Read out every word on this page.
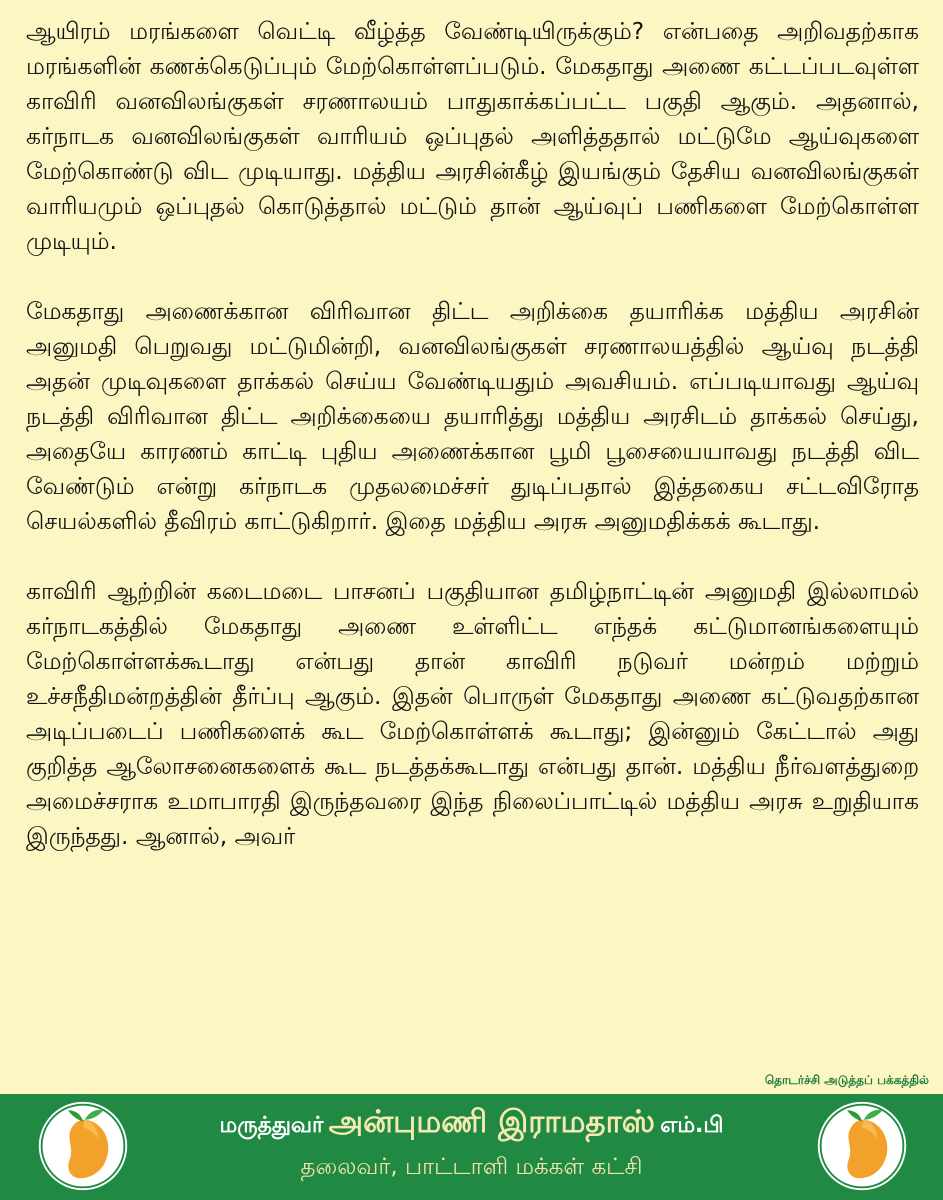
ஆயிரம் மரங்களை வெட்டி வீழ்த்த வேண்டியிருக்கும்? என்பதை அறிவதற்காக மரங்களின் கணக்கெடுப்பும் மேற்கொள்ளப்படும். மேகதாது அணை கட்டப்படவுள்ள காவிரி வனவிலங்குகள் சரணாலயம் பாதுகாக்கப்பட்ட பகுதி ஆகும். அதனால், கர்நாடக வனவிலங்குகள் வாரியம் ஒப்புதல் அளித்ததால் மட்டுமே ஆய்வுகளை மேற்கொண்டு விட முடியாது. மத்திய அரசின்கீழ் இயங்கும் தேசிய வனவிலங்குகள் வாரியமும் ஒப்புதல் கொடுத்தால் மட்டும் தான் ஆய்வுப் பணிகளை மேற்கொள்ள முடியும்.

மேகதாது அணைக்கான விரிவான திட்ட அறிக்கை தயாரிக்க மத்திய அரசின் அனுமதி பெறுவது மட்டுமின்றி, வனவிலங்குகள் சரணாலயத்தில் ஆய்வு நடத்தி அதன் முடிவுகளை தாக்கல் செய்ய வேண்டியதும் அவசியம். எப்படியாவது ஆய்வு நடத்தி விரிவான திட்ட அறிக்கையை தயாரித்து மத்திய அரசிடம் தாக்கல் செய்து, அதையே காரணம் காட்டி புதிய அணைக்கான பூமி பூசையையாவது நடத்தி விட வேண்டும் என்று கர்நாடக முதலமைச்சர் துடிப்பதால் இத்தகைய சட்டவிரோத செயல்களில் தீவிரம் காட்டுகிறார். இதை மத்திய அரசு அனுமதிக்கக் கூடாது.

காவிரி ஆற்றின் கடைமடை பாசனப் பகுதியான தமிழ்நாட்டின் அனுமதி இல்லாமல் கர்நாடகத்தில் மேகதாது அணை உள்ளிட்ட எந்தக் கட்டுமானங்களையும் மேற்கொள்ளக்கூடாது என்பது தான் காவிரி நடுவர் மன்றம் மற்றும் உச்சநீதிமன்றத்தின் தீர்ப்பு ஆகும். இதன் பொருள் மேகதாது அணை கட்டுவதற்கான அடிப்படைப் பணிகளைக் கூட மேற்கொள்ளக் கூடாது; இன்னும் கேட்டால் அது குறித்த ஆலோசனைகளைக் கூட நடத்தக்கூடாது என்பது தான். மத்திய நீர்வளத்துறை அமைச்சராக உமாபாரதி இருந்தவரை இந்த நிலைப்பாட்டில் மத்திய அரசு உறுதியாக இருந்தது. ஆனால், அவர்

தொடர்ச்சி அடுத்தப் பக்கத்தில்
மருத்துவர் அன்புமணி இராமதாஸ் எம்.பி
தலைவர், பாட்டாளி மக்கள் கட்சி
